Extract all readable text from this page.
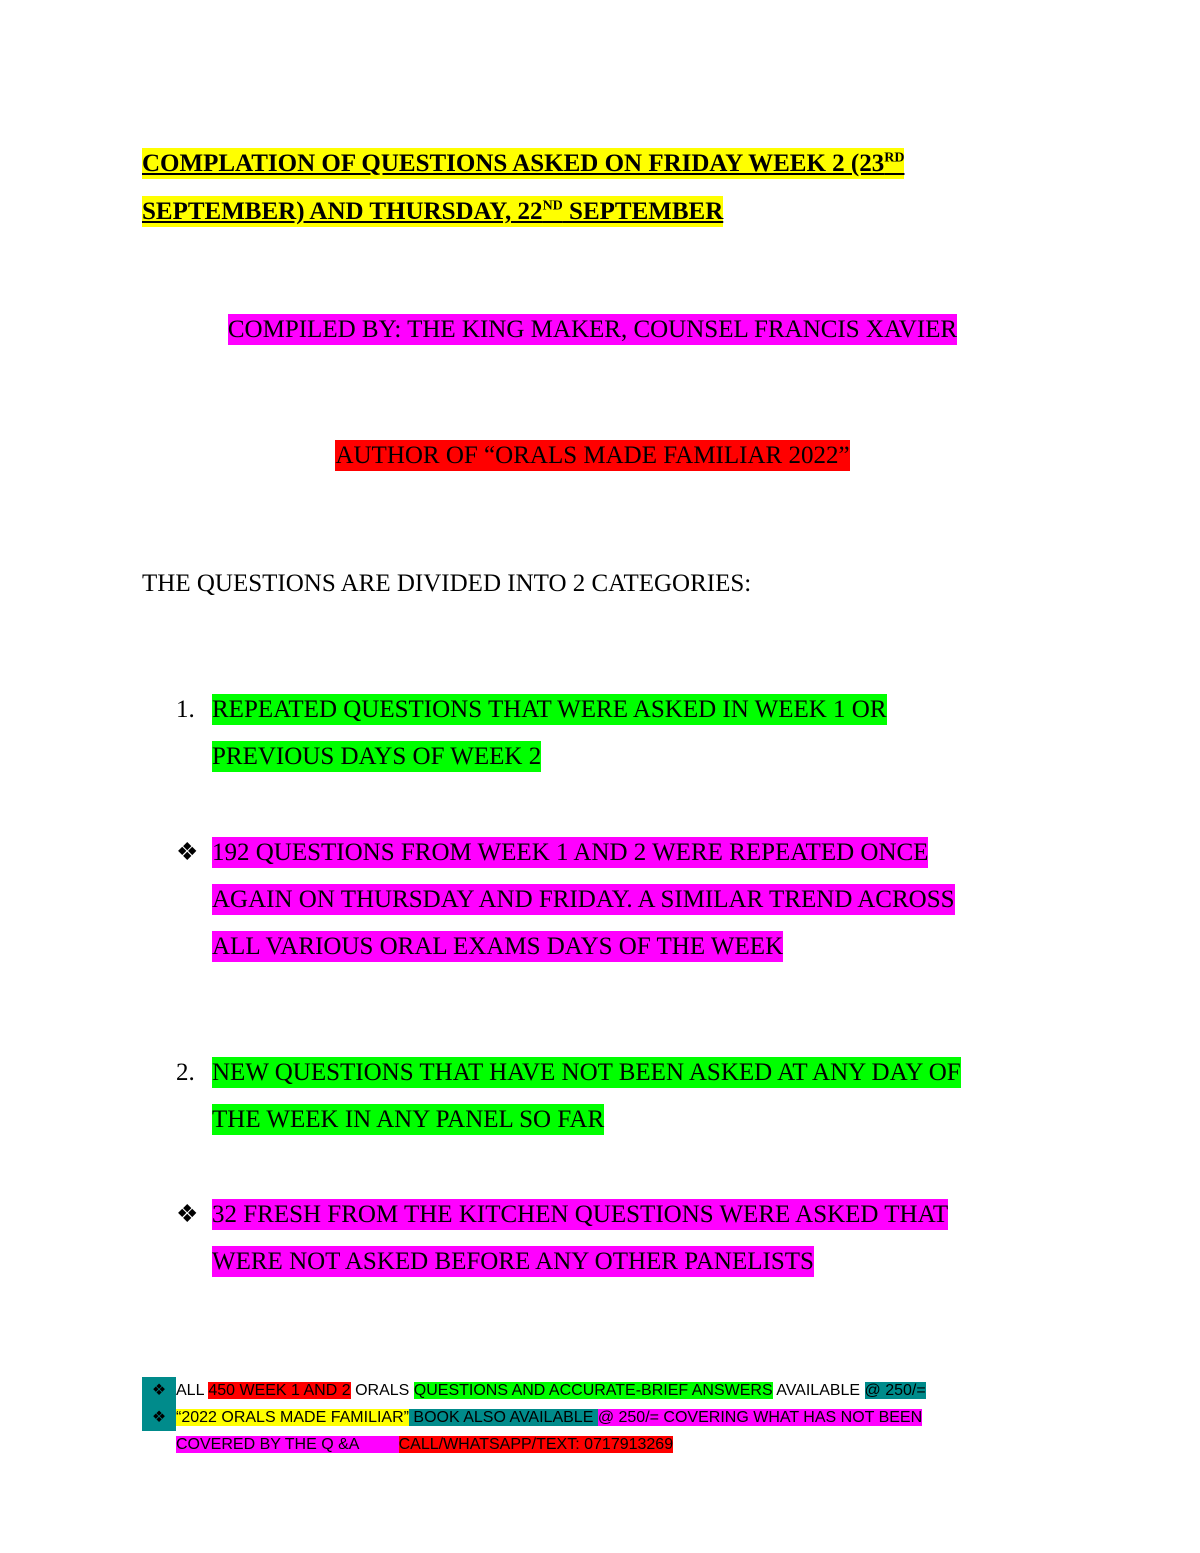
COMPLATION OF QUESTIONS ASKED ON FRIDAY WEEK 2 (23RD
SEPTEMBER) AND THURSDAY, 22ND SEPTEMBER
COMPILED BY: THE KING MAKER, COUNSEL FRANCIS XAVIER
AUTHOR OF “ORALS MADE FAMILIAR 2022”
THE QUESTIONS ARE DIVIDED INTO 2 CATEGORIES:
1. REPEATED QUESTIONS THAT WERE ASKED IN WEEK 1 OR
PREVIOUS DAYS OF WEEK 2
❖ 192 QUESTIONS FROM WEEK 1 AND 2 WERE REPEATED ONCE
AGAIN ON THURSDAY AND FRIDAY. A SIMILAR TREND ACROSS
ALL VARIOUS ORAL EXAMS DAYS OF THE WEEK
2. NEW QUESTIONS THAT HAVE NOT BEEN ASKED AT ANY DAY OF
THE WEEK IN ANY PANEL SO FAR
❖ 32 FRESH FROM THE KITCHEN QUESTIONS WERE ASKED THAT
WERE NOT ASKED BEFORE ANY OTHER PANELISTS
❖ ALL 450 WEEK 1 AND 2 ORALS QUESTIONS AND ACCURATE-BRIEF ANSWERS AVAILABLE @ 250/=
❖ “2022 ORALS MADE FAMILIAR” BOOK ALSO AVAILABLE @ 250/= COVERING WHAT HAS NOT BEEN
COVERED BY THE Q &A         CALL/WHATSAPP/TEXT: 0717913269
